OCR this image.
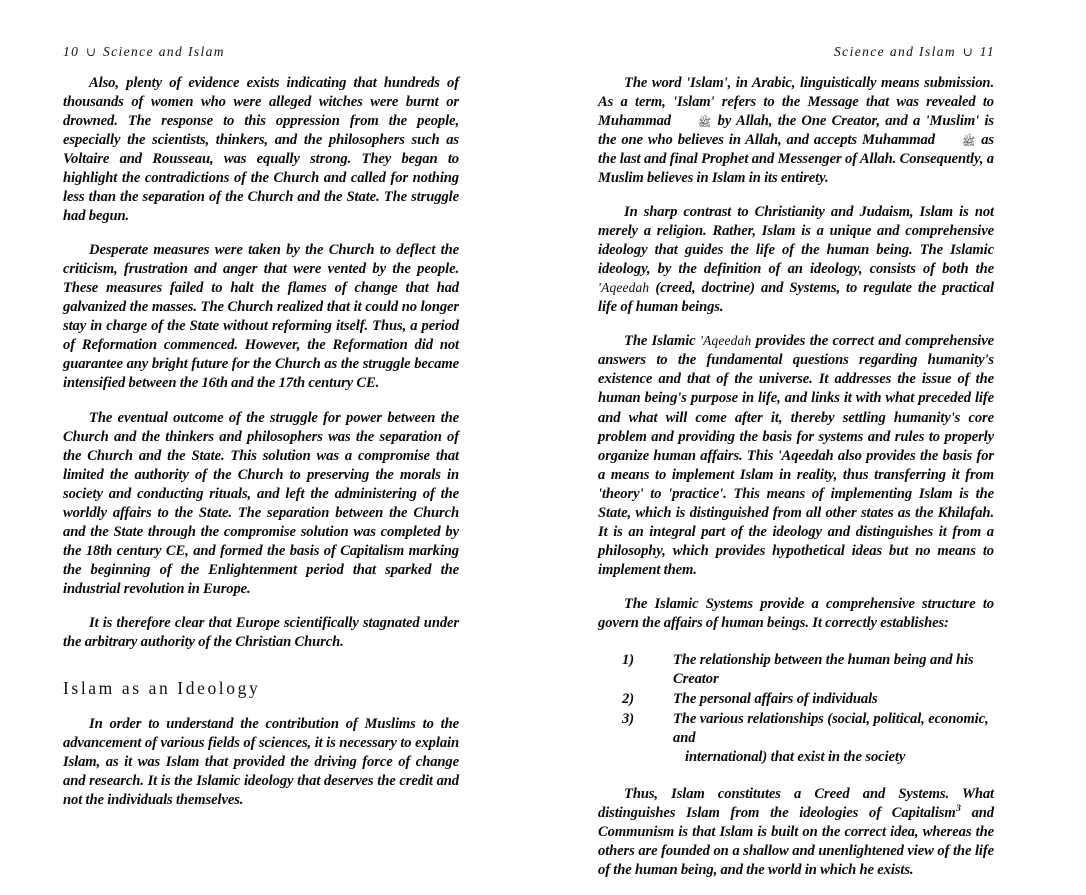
10 ∪ Science and Islam	Science and Islam ∪ 11

Also, plenty of evidence exists indicating that hundreds of thousands of women who were alleged witches were burnt or drowned. The response to this oppression from the people, especially the scientists, thinkers, and the philosophers such as Voltaire and Rousseau, was equally strong. They began to highlight the contradictions of the Church and called for nothing less than the separation of the Church and the State. The struggle had begun.

Desperate measures were taken by the Church to deflect the criticism, frustration and anger that were vented by the people. These measures failed to halt the flames of change that had galvanized the masses. The Church realized that it could no longer stay in charge of the State without reforming itself. Thus, a period of Reformation commenced. However, the Reformation did not guarantee any bright future for the Church as the struggle became intensified between the 16th and the 17th century CE.

The eventual outcome of the struggle for power between the Church and the thinkers and philosophers was the separation of the Church and the State. This solution was a compromise that limited the authority of the Church to preserving the morals in society and conducting rituals, and left the administering of the worldly affairs to the State. The separation between the Church and the State through the compromise solution was completed by the 18th century CE, and formed the basis of Capitalism marking the beginning of the Enlightenment period that sparked the industrial revolution in Europe.

It is therefore clear that Europe scientifically stagnated under the arbitrary authority of the Christian Church.

Islam as an Ideology

In order to understand the contribution of Muslims to the advancement of various fields of sciences, it is necessary to explain Islam, as it was Islam that provided the driving force of change and research. It is the Islamic ideology that deserves the credit and not the individuals themselves.

The word 'Islam', in Arabic, linguistically means submission. As a term, 'Islam' refers to the Message that was revealed to Muhammad ﷺ by Allah, the One Creator, and a 'Muslim' is the one who believes in Allah, and accepts Muhammad ﷺ as the last and final Prophet and Messenger of Allah. Consequently, a Muslim believes in Islam in its entirety.

In sharp contrast to Christianity and Judaism, Islam is not merely a religion. Rather, Islam is a unique and comprehensive ideology that guides the life of the human being. The Islamic ideology, by the definition of an ideology, consists of both the 'Aqeedah (creed, doctrine) and Systems, to regulate the practical life of human beings.

The Islamic 'Aqeedah provides the correct and comprehensive answers to the fundamental questions regarding humanity's existence and that of the universe. It addresses the issue of the human being's purpose in life, and links it with what preceded life and what will come after it, thereby settling humanity's core problem and providing the basis for systems and rules to properly organize human affairs. This 'Aqeedah also provides the basis for a means to implement Islam in reality, thus transferring it from 'theory' to 'practice'. This means of implementing Islam is the State, which is distinguished from all other states as the Khilafah. It is an integral part of the ideology and distinguishes it from a philosophy, which provides hypothetical ideas but no means to implement them.

The Islamic Systems provide a comprehensive structure to govern the affairs of human beings. It correctly establishes:

1)	The relationship between the human being and his Creator
2)	The personal affairs of individuals
3)	The various relationships (social, political, economic, and
international) that exist in the society

Thus, Islam constitutes a Creed and Systems. What distinguishes Islam from the ideologies of Capitalism$^3$ and Communism is that Islam is built on the correct idea, whereas the others are founded on a shallow and unenlightened view of the life of the human being, and the world in which he exists.
